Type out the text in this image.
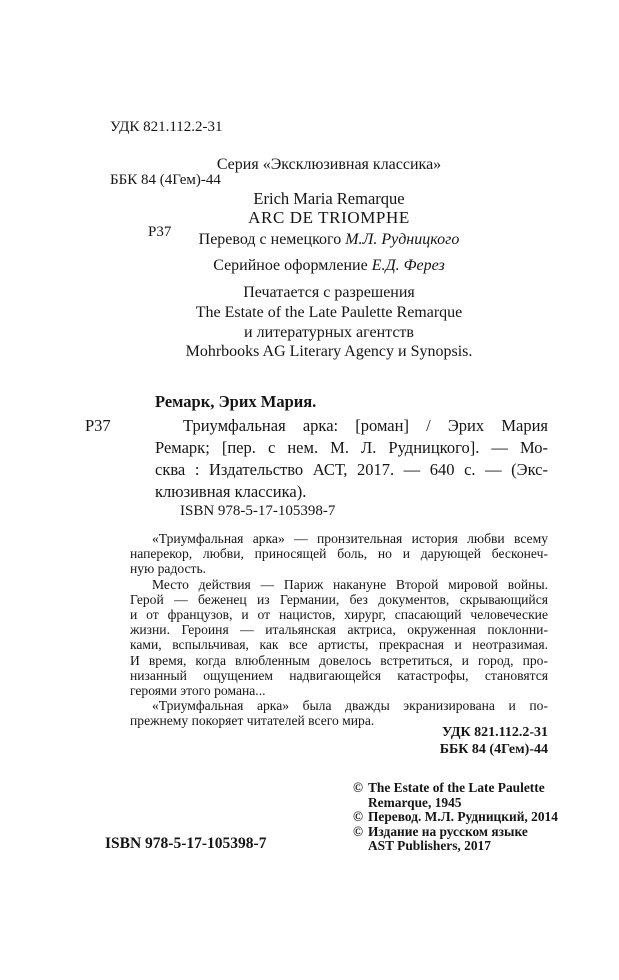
УДК 821.112.2-31

ББК 84 (4Гем)-44

Р37

Серия «Эксклюзивная классика»
Erich Maria Remarque
ARC DE TRIOMPHE
Перевод с немецкого М.Л. Рудницкого
Серийное оформление Е.Д. Ферез
Печатается с разрешения
The Estate of the Late Paulette Remarque
и литературных агентств
Mohrbooks AG Literary Agency и Synopsis.
Ремарк, Эрих Мария.
Р37	Триумфальная арка: [роман] / Эрих Мария
Ремарк; [пер. с нем. М. Л. Рудницкого]. — Мо-
сква : Издательство АСТ, 2017. — 640 с. — (Экс-
клюзивная классика).
ISBN 978-5-17-105398-7
«Триумфальная арка» — пронзительная история любви всему
наперекор, любви, приносящей боль, но и дарующей бесконеч-
ную радость.
Место действия — Париж накануне Второй мировой войны.
Герой — беженец из Германии, без документов, скрывающийся
и от французов, и от нацистов, хирург, спасающий человеческие
жизни. Героиня — итальянская актриса, окруженная поклонни-
ками, вспыльчивая, как все артисты, прекрасная и неотразимая.
И время, когда влюбленным довелось встретиться, и город, про-
низанный ощущением надвигающейся катастрофы, становятся
героями этого романа...
«Триумфальная арка» была дважды экранизирована и по-
прежнему покоряет читателей всего мира.
УДК 821.112.2-31
ББК 84 (4Гем)-44
© The Estate of the Late Paulette
Remarque, 1945
© Перевод. М.Л. Рудницкий, 2014
© Издание на русском языке
AST Publishers, 2017
ISBN 978-5-17-105398-7
